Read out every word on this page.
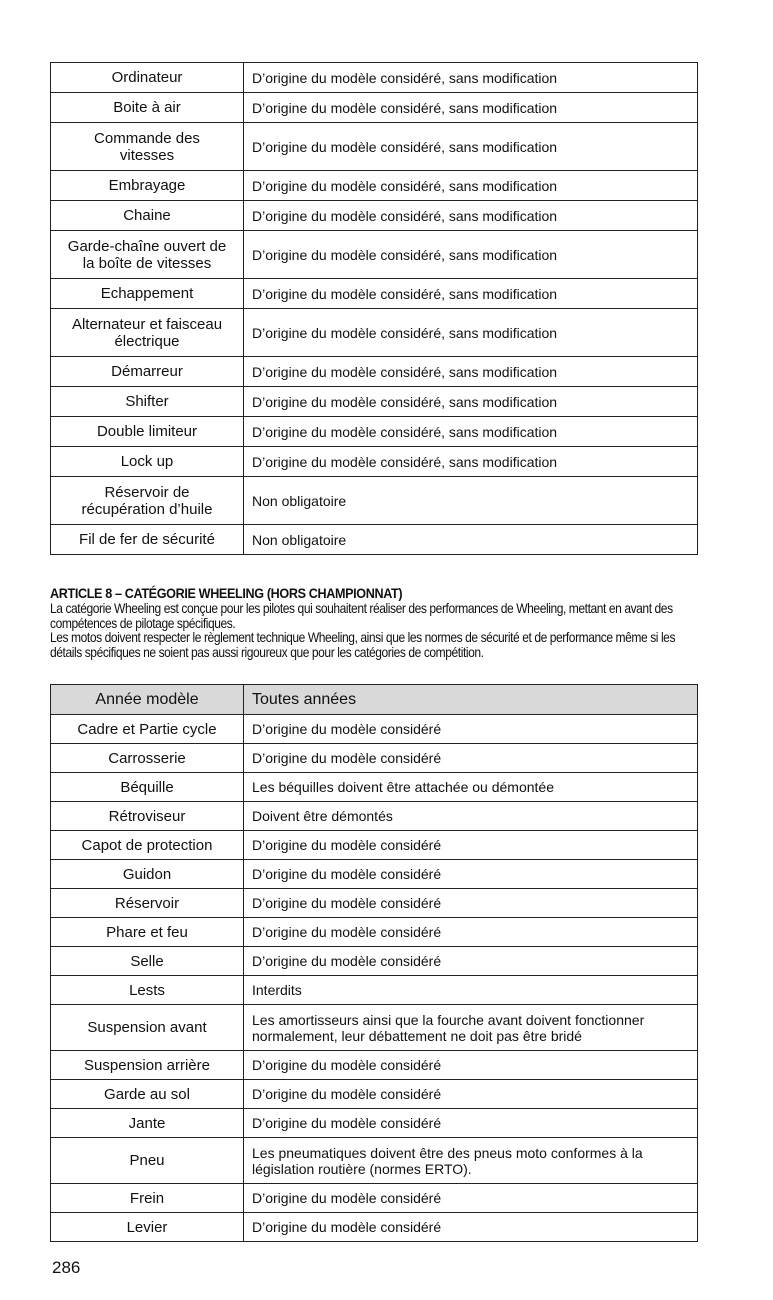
Ordinateur	D’origine du modèle considéré, sans modification
Boite à air	D’origine du modèle considéré, sans modification
Commande des vitesses	D’origine du modèle considéré, sans modification
Embrayage	D’origine du modèle considéré, sans modification
Chaine	D’origine du modèle considéré, sans modification
Garde-chaîne ouvert de la boîte de vitesses	D’origine du modèle considéré, sans modification
Echappement	D’origine du modèle considéré, sans modification
Alternateur et faisceau électrique	D’origine du modèle considéré, sans modification
Démarreur	D’origine du modèle considéré, sans modification
Shifter	D’origine du modèle considéré, sans modification
Double limiteur	D’origine du modèle considéré, sans modification
Lock up	D’origine du modèle considéré, sans modification
Réservoir de récupération d’huile	Non obligatoire
Fil de fer de sécurité	Non obligatoire
ARTICLE 8 – CATÉGORIE WHEELING (HORS CHAMPIONNAT)

La catégorie Wheeling est conçue pour les pilotes qui souhaitent réaliser des performances de Wheeling, mettant en avant des compétences de pilotage spécifiques.

Les motos doivent respecter le règlement technique Wheeling, ainsi que les normes de sécurité et de performance même si les détails spécifiques ne soient pas aussi rigoureux que pour les catégories de compétition.

Année modèle	Toutes années
Cadre et Partie cycle	D’origine du modèle considéré
Carrosserie	D’origine du modèle considéré
Béquille	Les béquilles doivent être attachée ou démontée
Rétroviseur	Doivent être démontés
Capot de protection	D’origine du modèle considéré
Guidon	D’origine du modèle considéré
Réservoir	D’origine du modèle considéré
Phare et feu	D’origine du modèle considéré
Selle	D’origine du modèle considéré
Lests	Interdits
Suspension avant	Les amortisseurs ainsi que la fourche avant doivent fonctionner normalement, leur débattement ne doit pas être bridé
Suspension arrière	D’origine du modèle considéré
Garde au sol	D’origine du modèle considéré
Jante	D’origine du modèle considéré
Pneu	Les pneumatiques doivent être des pneus moto conformes à la législation routière (normes ERTO).
Frein	D’origine du modèle considéré
Levier	D’origine du modèle considéré
286
